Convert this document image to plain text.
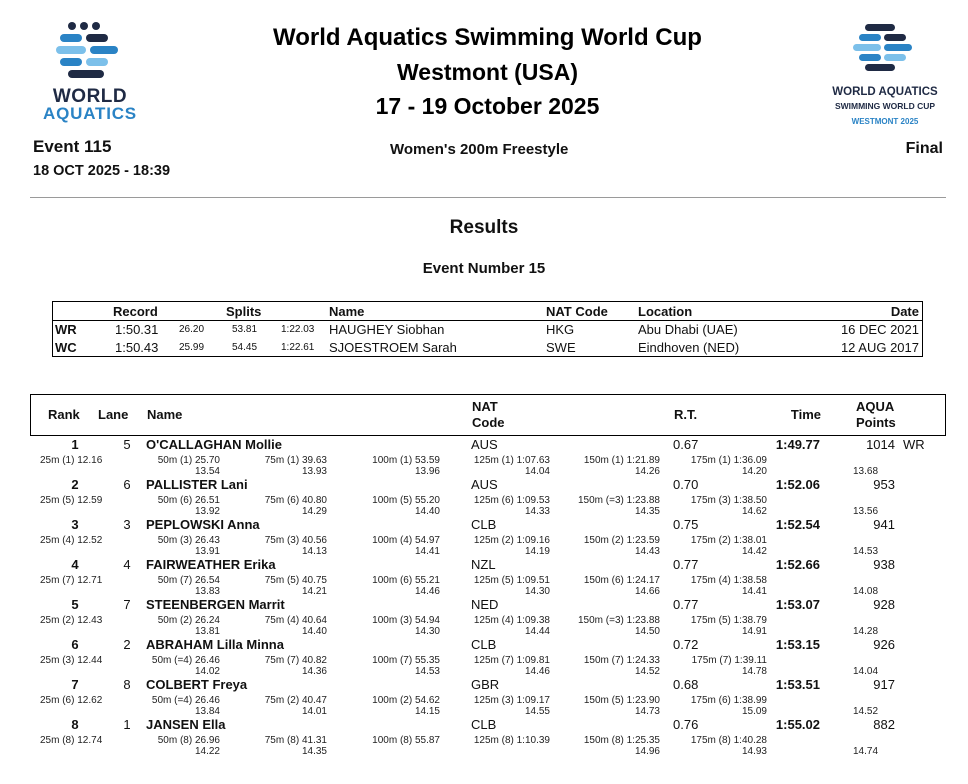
WORLD
AQUATICS
WORLD AQUATICS
SWIMMING WORLD CUP
WESTMONT 2025
World Aquatics Swimming World Cup
Westmont (USA)
17 - 19 October 2025
Event 115
18 OCT 2025 - 18:39
Women's 200m Freestyle	Final
Results
Event Number 15
Record	Splits	Name	NAT Code Location	Date
WR	1:50.31 26.20	53.81 1:22.03 HAUGHEY Siobhan	HKG	Abu Dhabi (UAE)	16 DEC 2021
WC	1:50.43 25.99	54.45 1:22.61 SJOESTROEM Sarah	SWE	Eindhoven (NED)	12 AUG 2017
Rank Lane Name
NAT
Code
R.T.	Time
AQUA
Points
1	5	O'CALLAGHAN Mollie	AUS	0.67	1:49.77	1014 WR
25m (1) 12.16	50m (1) 25.70	75m (1) 39.63	100m (1) 53.59	125m (1) 1:07.63	150m (1) 1:21.89	175m (1) 1:36.09
13.54	13.93	13.96	14.04	14.26	14.20	13.68
2	6	PALLISTER Lani	AUS	0.70	1:52.06	953
25m (5) 12.59	50m (6) 26.51	75m (6) 40.80	100m (5) 55.20	125m (6) 1:09.53	150m (=3) 1:23.88	175m (3) 1:38.50
13.92	14.29	14.40	14.33	14.35	14.62	13.56
3	3	PEPLOWSKI Anna	CLB	0.75	1:52.54	941
25m (4) 12.52	50m (3) 26.43	75m (3) 40.56	100m (4) 54.97	125m (2) 1:09.16	150m (2) 1:23.59	175m (2) 1:38.01
13.91	14.13	14.41	14.19	14.43	14.42	14.53
4	4	FAIRWEATHER Erika	NZL	0.77	1:52.66	938
25m (7) 12.71	50m (7) 26.54	75m (5) 40.75	100m (6) 55.21	125m (5) 1:09.51	150m (6) 1:24.17	175m (4) 1:38.58
13.83	14.21	14.46	14.30	14.66	14.41	14.08
5	7	STEENBERGEN Marrit	NED	0.77	1:53.07	928
25m (2) 12.43	50m (2) 26.24	75m (4) 40.64	100m (3) 54.94	125m (4) 1:09.38	150m (=3) 1:23.88	175m (5) 1:38.79
13.81	14.40	14.30	14.44	14.50	14.91	14.28
6	2	ABRAHAM Lilla Minna	CLB	0.72	1:53.15	926
25m (3) 12.44	50m (=4) 26.46	75m (7) 40.82	100m (7) 55.35	125m (7) 1:09.81	150m (7) 1:24.33	175m (7) 1:39.11
14.02	14.36	14.53	14.46	14.52	14.78	14.04
7	8	COLBERT Freya	GBR	0.68	1:53.51	917
25m (6) 12.62	50m (=4) 26.46	75m (2) 40.47	100m (2) 54.62	125m (3) 1:09.17	150m (5) 1:23.90	175m (6) 1:38.99
13.84	14.01	14.15	14.55	14.73	15.09	14.52
8	1	JANSEN Ella	CLB	0.76	1:55.02	882
25m (8) 12.74	50m (8) 26.96	75m (8) 41.31	100m (8) 55.87	125m (8) 1:10.39	150m (8) 1:25.35	175m (8) 1:40.28
14.22	14.35	14.96	14.93	14.74
